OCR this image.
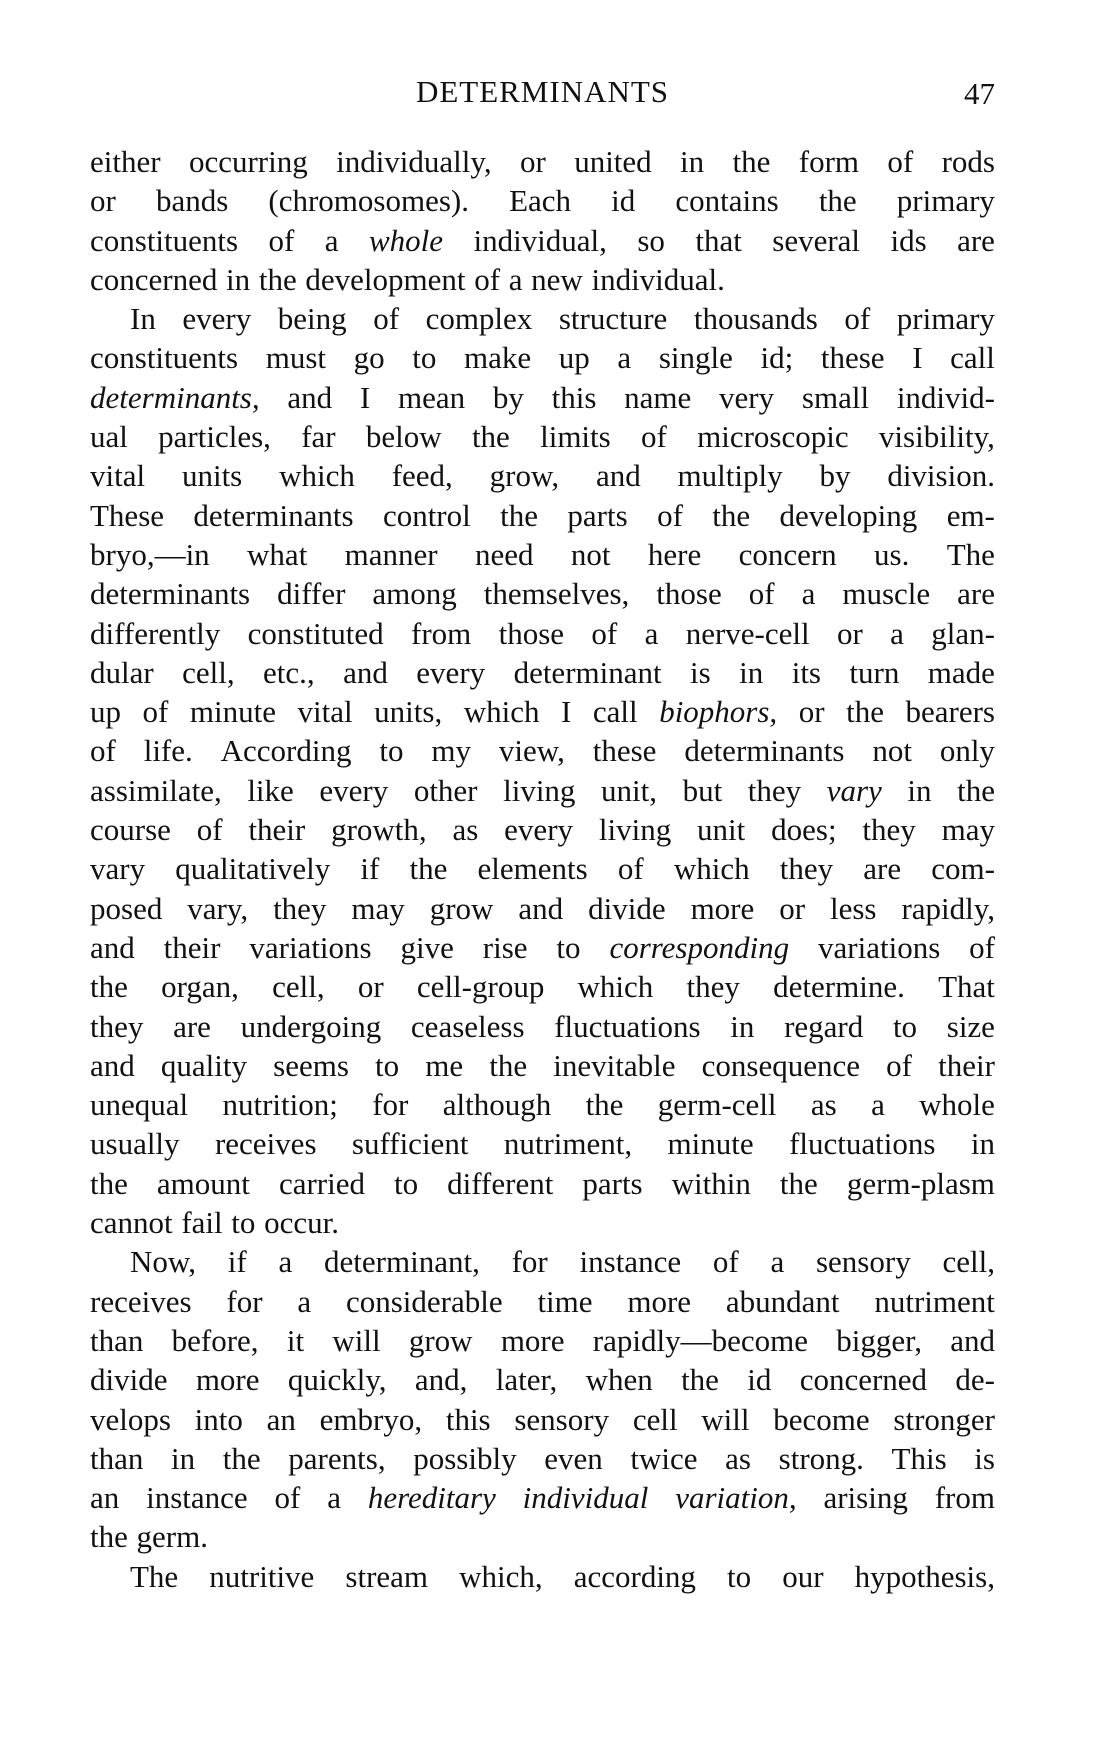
DETERMINANTS	47
either occurring individually, or united in the form of rods
or bands (chromosomes). Each id contains the primary
constituents of a whole individual, so that several ids are
concerned in the development of a new individual.
In every being of complex structure thousands of primary
constituents must go to make up a single id; these I call
determinants, and I mean by this name very small individ-
ual particles, far below the limits of microscopic visibility,
vital units which feed, grow, and multiply by division.
These determinants control the parts of the developing em-
bryo,—in what manner need not here concern us. The
determinants differ among themselves, those of a muscle are
differently constituted from those of a nerve-cell or a glan-
dular cell, etc., and every determinant is in its turn made
up of minute vital units, which I call biophors, or the bearers
of life. According to my view, these determinants not only
assimilate, like every other living unit, but they vary in the
course of their growth, as every living unit does; they may
vary qualitatively if the elements of which they are com-
posed vary, they may grow and divide more or less rapidly,
and their variations give rise to corresponding variations of
the organ, cell, or cell-group which they determine. That
they are undergoing ceaseless fluctuations in regard to size
and quality seems to me the inevitable consequence of their
unequal nutrition; for although the germ-cell as a whole
usually receives sufficient nutriment, minute fluctuations in
the amount carried to different parts within the germ-plasm
cannot fail to occur.
Now, if a determinant, for instance of a sensory cell,
receives for a considerable time more abundant nutriment
than before, it will grow more rapidly—become bigger, and
divide more quickly, and, later, when the id concerned de-
velops into an embryo, this sensory cell will become stronger
than in the parents, possibly even twice as strong. This is
an instance of a hereditary individual variation, arising from
the germ.
The nutritive stream which, according to our hypothesis,
